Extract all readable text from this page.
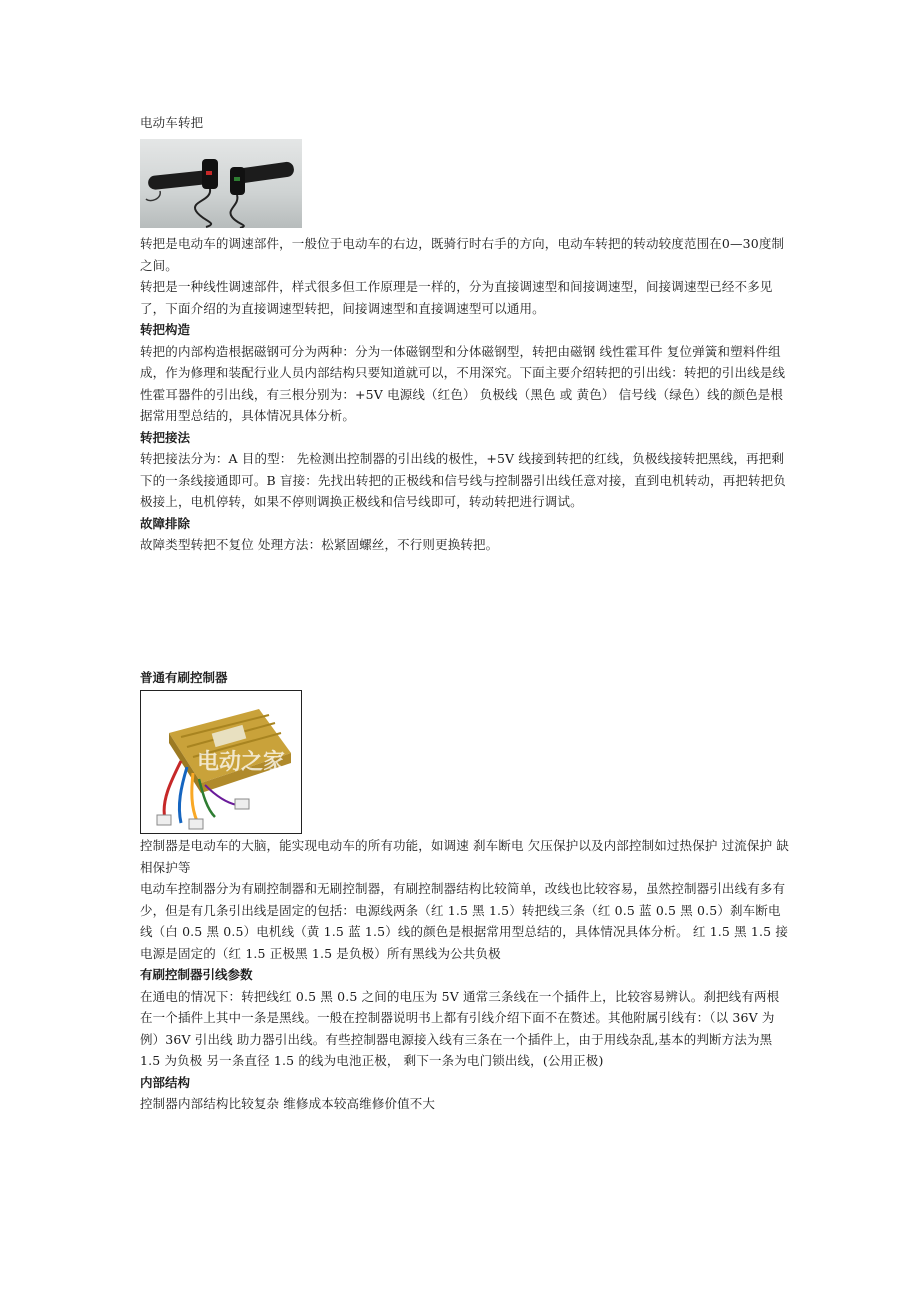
电动车转把

转把是电动车的调速部件，一般位于电动车的右边，既骑行时右手的方向，电动车转把的转动较度范围在0—30度制之间。

转把是一种线性调速部件，样式很多但工作原理是一样的，分为直接调速型和间接调速型，间接调速型已经不多见了，下面介绍的为直接调速型转把，间接调速型和直接调速型可以通用。

转把构造

转把的内部构造根据磁钢可分为两种：分为一体磁钢型和分体磁钢型，转把由磁钢 线性霍耳件 复位弹簧和塑料件组成，作为修理和装配行业人员内部结构只要知道就可以，不用深究。下面主要介绍转把的引出线：转把的引出线是线性霍耳器件的引出线，有三根分别为：+5V 电源线（红色） 负极线（黑色 或 黄色） 信号线（绿色）线的颜色是根据常用型总结的，具体情况具体分析。

转把接法

转把接法分为：A 目的型： 先检测出控制器的引出线的极性，+5V 线接到转把的红线，负极线接转把黑线，再把剩下的一条线接通即可。B 盲接：先找出转把的正极线和信号线与控制器引出线任意对接，直到电机转动，再把转把负极接上，电机停转，如果不停则调换正极线和信号线即可，转动转把进行调试。

故障排除

故障类型转把不复位 处理方法：松紧固螺丝，不行则更换转把。

普通有刷控制器

电动之家

控制器是电动车的大脑，能实现电动车的所有功能，如调速 刹车断电 欠压保护以及内部控制如过热保护 过流保护 缺相保护等

电动车控制器分为有刷控制器和无刷控制器，有刷控制器结构比较简单，改线也比较容易，虽然控制器引出线有多有少，但是有几条引出线是固定的包括：电源线两条（红 1.5 黑 1.5）转把线三条（红 0.5 蓝 0.5 黑 0.5）刹车断电线（白 0.5 黑 0.5）电机线（黄 1.5 蓝 1.5）线的颜色是根据常用型总结的，具体情况具体分析。 红 1.5 黑 1.5 接电源是固定的（红 1.5 正极黑 1.5 是负极）所有黑线为公共负极

有刷控制器引线参数

在通电的情况下：转把线红 0.5 黑 0.5 之间的电压为 5V 通常三条线在一个插件上，比较容易辨认。刹把线有两根在一个插件上其中一条是黑线。一般在控制器说明书上都有引线介绍下面不在赘述。其他附属引线有：（以 36V 为例）36V 引出线 助力器引出线。有些控制器电源接入线有三条在一个插件上，由于用线杂乱,基本的判断方法为黑 1.5 为负极 另一条直径 1.5 的线为电池正极， 剩下一条为电门锁出线，(公用正极)

内部结构

控制器内部结构比较复杂 维修成本较高维修价值不大
